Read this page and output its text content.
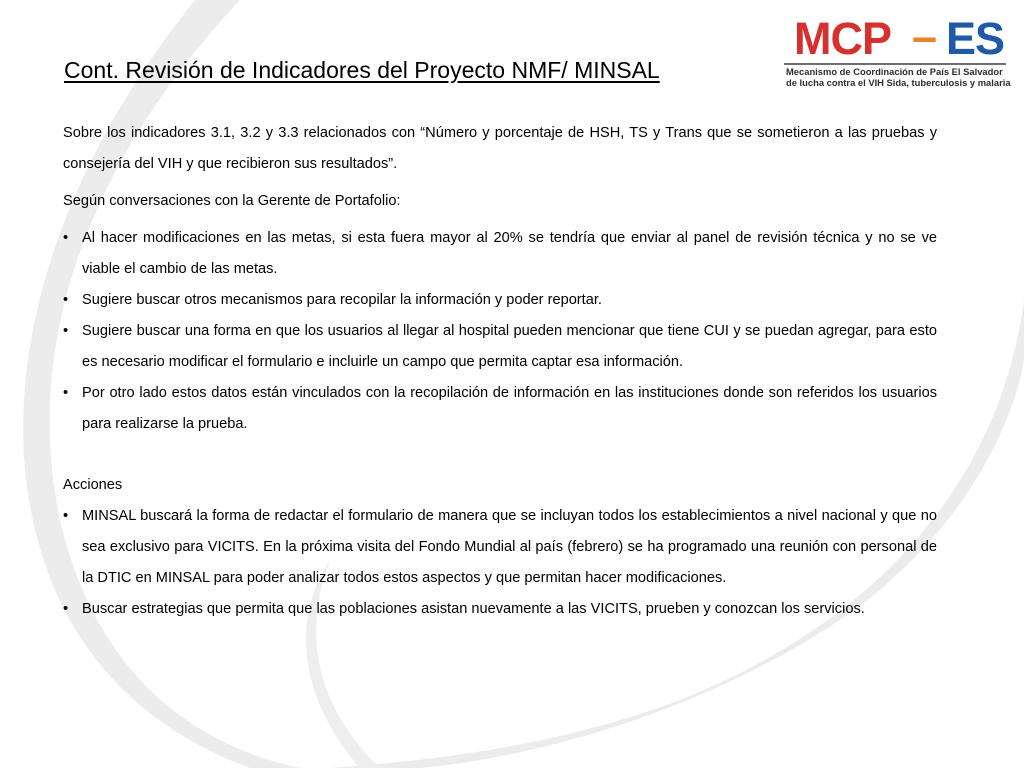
MCP – ES
Mecanismo de Coordinación de País El Salvador
de lucha contra el VIH Sida, tuberculosis y malaria
Cont. Revisión de Indicadores del Proyecto NMF/ MINSAL

Sobre los indicadores 3.1, 3.2 y 3.3 relacionados con “Número y porcentaje de HSH, TS y Trans que se sometieron a las pruebas y consejería del VIH y que recibieron sus resultados”.

Según conversaciones con la Gerente de Portafolio:

• Al hacer modificaciones en las metas, si esta fuera mayor al 20% se tendría que enviar al panel de revisión técnica y no se ve viable el cambio de las metas.
• Sugiere buscar otros mecanismos para recopilar la información y poder reportar.
• Sugiere buscar una forma en que los usuarios al llegar al hospital pueden mencionar que tiene CUI y se puedan agregar, para esto es necesario modificar el formulario e incluirle un campo que permita captar esa información.
• Por otro lado estos datos están vinculados con la recopilación de información en las instituciones donde son referidos los usuarios para realizarse la prueba.

Acciones

• MINSAL buscará la forma de redactar el formulario de manera que se incluyan todos los establecimientos a nivel nacional y que no sea exclusivo para VICITS. En la próxima visita del Fondo Mundial al país (febrero) se ha programado una reunión con personal de la DTIC en MINSAL para poder analizar todos estos aspectos y que permitan hacer modificaciones.
• Buscar estrategias que permita que las poblaciones asistan nuevamente a las VICITS, prueben y conozcan los servicios.
